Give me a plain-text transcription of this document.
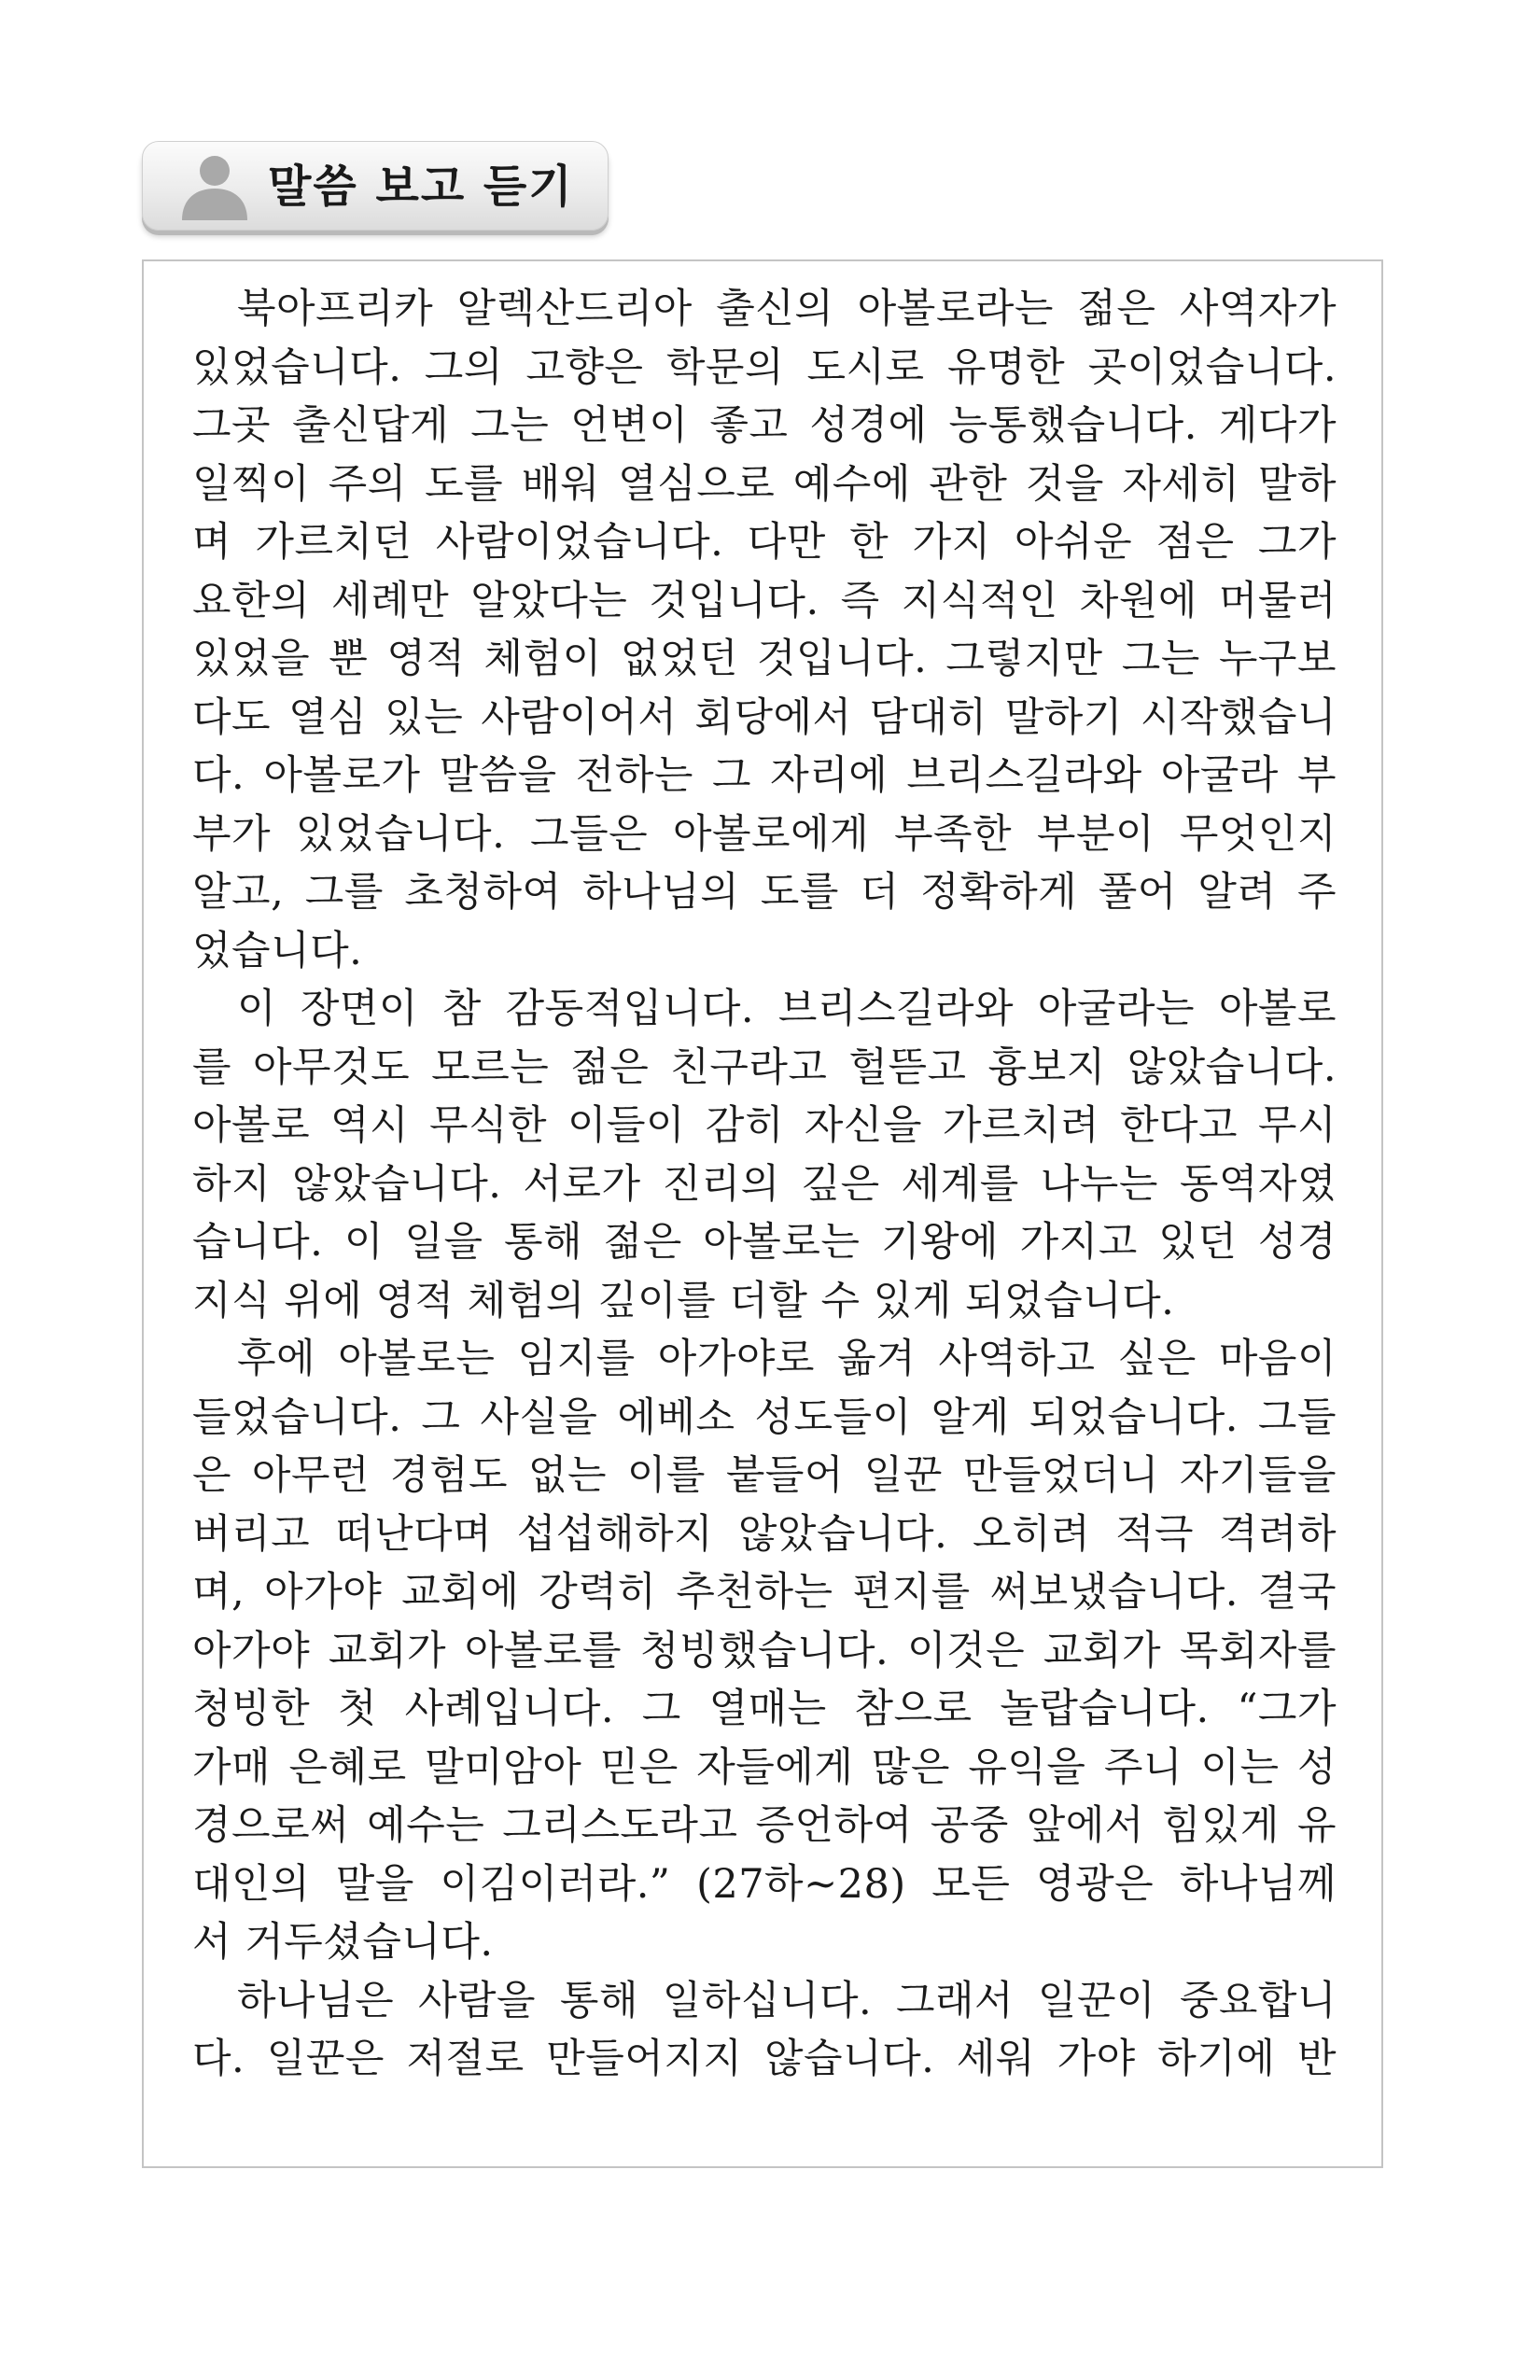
말씀 보고 듣기
북아프리카 알렉산드리아 출신의 아볼로라는 젊은 사역자가
있었습니다. 그의 고향은 학문의 도시로 유명한 곳이었습니다.
그곳 출신답게 그는 언변이 좋고 성경에 능통했습니다. 게다가
일찍이 주의 도를 배워 열심으로 예수에 관한 것을 자세히 말하
며 가르치던 사람이었습니다. 다만 한 가지 아쉬운 점은 그가
요한의 세례만 알았다는 것입니다. 즉 지식적인 차원에 머물러
있었을 뿐 영적 체험이 없었던 것입니다. 그렇지만 그는 누구보
다도 열심 있는 사람이어서 회당에서 담대히 말하기 시작했습니
다. 아볼로가 말씀을 전하는 그 자리에 브리스길라와 아굴라 부
부가 있었습니다. 그들은 아볼로에게 부족한 부분이 무엇인지
알고, 그를 초청하여 하나님의 도를 더 정확하게 풀어 알려 주
었습니다.
이 장면이 참 감동적입니다. 브리스길라와 아굴라는 아볼로
를 아무것도 모르는 젊은 친구라고 헐뜯고 흉보지 않았습니다.
아볼로 역시 무식한 이들이 감히 자신을 가르치려 한다고 무시
하지 않았습니다. 서로가 진리의 깊은 세계를 나누는 동역자였
습니다. 이 일을 통해 젊은 아볼로는 기왕에 가지고 있던 성경
지식 위에 영적 체험의 깊이를 더할 수 있게 되었습니다.
후에 아볼로는 임지를 아가야로 옮겨 사역하고 싶은 마음이
들었습니다. 그 사실을 에베소 성도들이 알게 되었습니다. 그들
은 아무런 경험도 없는 이를 붙들어 일꾼 만들었더니 자기들을
버리고 떠난다며 섭섭해하지 않았습니다. 오히려 적극 격려하
며, 아가야 교회에 강력히 추천하는 편지를 써보냈습니다. 결국
아가야 교회가 아볼로를 청빙했습니다. 이것은 교회가 목회자를
청빙한 첫 사례입니다. 그 열매는 참으로 놀랍습니다. “그가
가매 은혜로 말미암아 믿은 자들에게 많은 유익을 주니 이는 성
경으로써 예수는 그리스도라고 증언하여 공중 앞에서 힘있게 유
대인의 말을 이김이러라.” (27하~28) 모든 영광은 하나님께
서 거두셨습니다.
하나님은 사람을 통해 일하십니다. 그래서 일꾼이 중요합니
다. 일꾼은 저절로 만들어지지 않습니다. 세워 가야 하기에 반
